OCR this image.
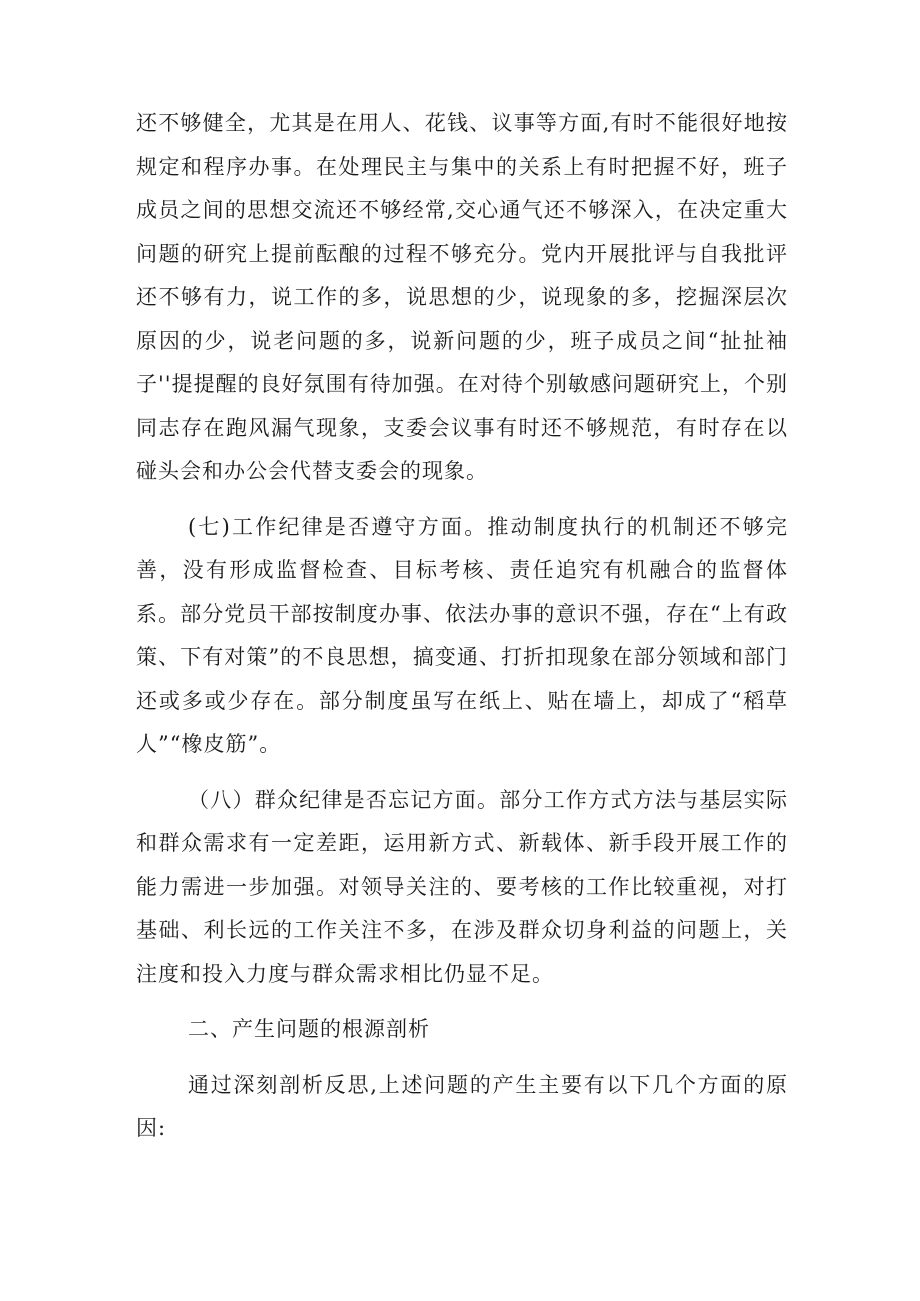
还不够健全，尤其是在用人、花钱、议事等方面,有时不能很好地按规定和程序办事。在处理民主与集中的关系上有时把握不好，班子成员之间的思想交流还不够经常,交心通气还不够深入，在决定重大问题的研究上提前酝酿的过程不够充分。党内开展批评与自我批评还不够有力，说工作的多，说思想的少，说现象的多，挖掘深层次原因的少，说老问题的多，说新问题的少，班子成员之间“扯扯袖子''提提醒的良好氛围有待加强。在对待个别敏感问题研究上，个别同志存在跑风漏气现象，支委会议事有时还不够规范，有时存在以碰头会和办公会代替支委会的现象。

(七)工作纪律是否遵守方面。推动制度执行的机制还不够完善，没有形成监督检查、目标考核、责任追究有机融合的监督体系。部分党员干部按制度办事、依法办事的意识不强，存在“上有政策、下有对策”的不良思想，搞变通、打折扣现象在部分领域和部门还或多或少存在。部分制度虽写在纸上、贴在墙上，却成了“稻草人”“橡皮筋”。

（八）群众纪律是否忘记方面。部分工作方式方法与基层实际和群众需求有一定差距，运用新方式、新载体、新手段开展工作的能力需进一步加强。对领导关注的、要考核的工作比较重视，对打基础、利长远的工作关注不多，在涉及群众切身利益的问题上，关注度和投入力度与群众需求相比仍显不足。

二、产生问题的根源剖析

通过深刻剖析反思,上述问题的产生主要有以下几个方面的原因:
